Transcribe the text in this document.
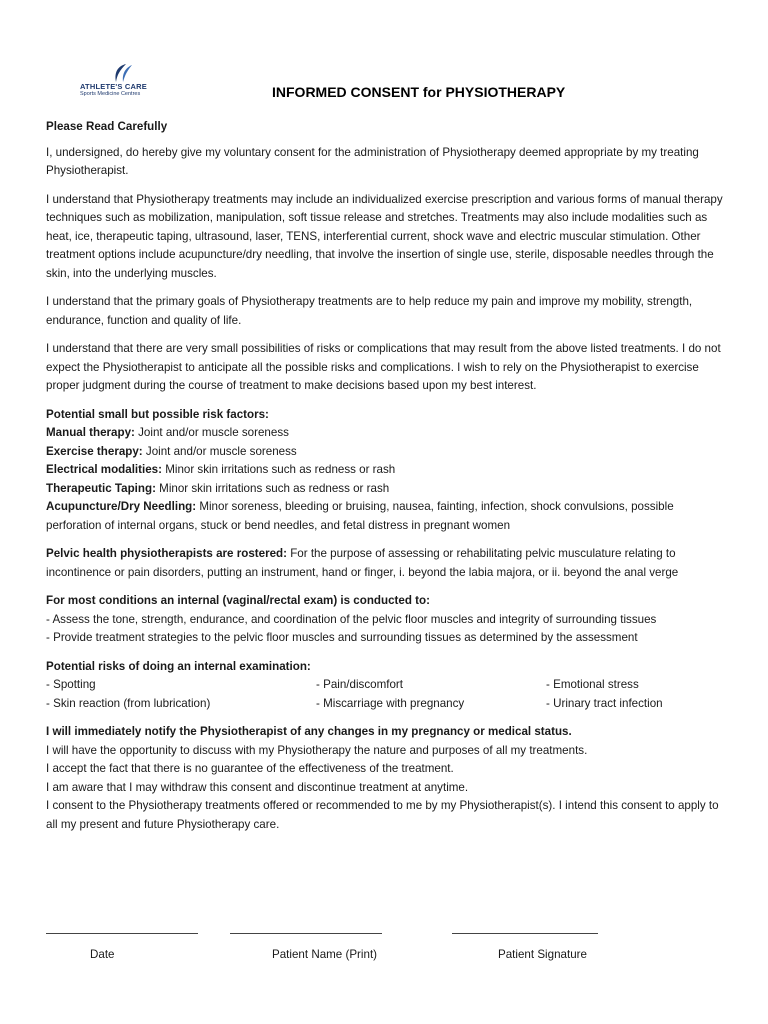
ATHLETE'S CARE
Sports Medicine Centres	INFORMED CONSENT for PHYSIOTHERAPY

Please Read Carefully

I, undersigned, do hereby give my voluntary consent for the administration of Physiotherapy deemed appropriate by my treating Physiotherapist.

I understand that Physiotherapy treatments may include an individualized exercise prescription and various forms of manual therapy techniques such as mobilization, manipulation, soft tissue release and stretches. Treatments may also include modalities such as heat, ice, therapeutic taping, ultrasound, laser, TENS, interferential current, shock wave and electric muscular stimulation. Other treatment options include acupuncture/dry needling, that involve the insertion of single use, sterile, disposable needles through the skin, into the underlying muscles.

I understand that the primary goals of Physiotherapy treatments are to help reduce my pain and improve my mobility, strength, endurance, function and quality of life.

I understand that there are very small possibilities of risks or complications that may result from the above listed treatments. I do not expect the Physiotherapist to anticipate all the possible risks and complications. I wish to rely on the Physiotherapist to exercise proper judgment during the course of treatment to make decisions based upon my best interest.

Potential small but possible risk factors:

Manual therapy: Joint and/or muscle soreness

Exercise therapy: Joint and/or muscle soreness

Electrical modalities: Minor skin irritations such as redness or rash

Therapeutic Taping: Minor skin irritations such as redness or rash

Acupuncture/Dry Needling: Minor soreness, bleeding or bruising, nausea, fainting, infection, shock convulsions, possible perforation of internal organs, stuck or bend needles, and fetal distress in pregnant women

Pelvic health physiotherapists are rostered: For the purpose of assessing or rehabilitating pelvic musculature relating to incontinence or pain disorders, putting an instrument, hand or finger, i. beyond the labia majora, or ii. beyond the anal verge

For most conditions an internal (vaginal/rectal exam) is conducted to:

- Assess the tone, strength, endurance, and coordination of the pelvic floor muscles and integrity of surrounding tissues

- Provide treatment strategies to the pelvic floor muscles and surrounding tissues as determined by the assessment

Potential risks of doing an internal examination:

- Spotting	- Pain/discomfort	- Emotional stress
- Skin reaction (from lubrication)	- Miscarriage with pregnancy	- Urinary tract infection

I will immediately notify the Physiotherapist of any changes in my pregnancy or medical status.

I will have the opportunity to discuss with my Physiotherapy the nature and purposes of all my treatments.

I accept the fact that there is no guarantee of the effectiveness of the treatment.

I am aware that I may withdraw this consent and discontinue treatment at anytime.

I consent to the Physiotherapy treatments offered or recommended to me by my Physiotherapist(s). I intend this consent to apply to all my present and future Physiotherapy care.

Date	Patient Name (Print)	Patient Signature
